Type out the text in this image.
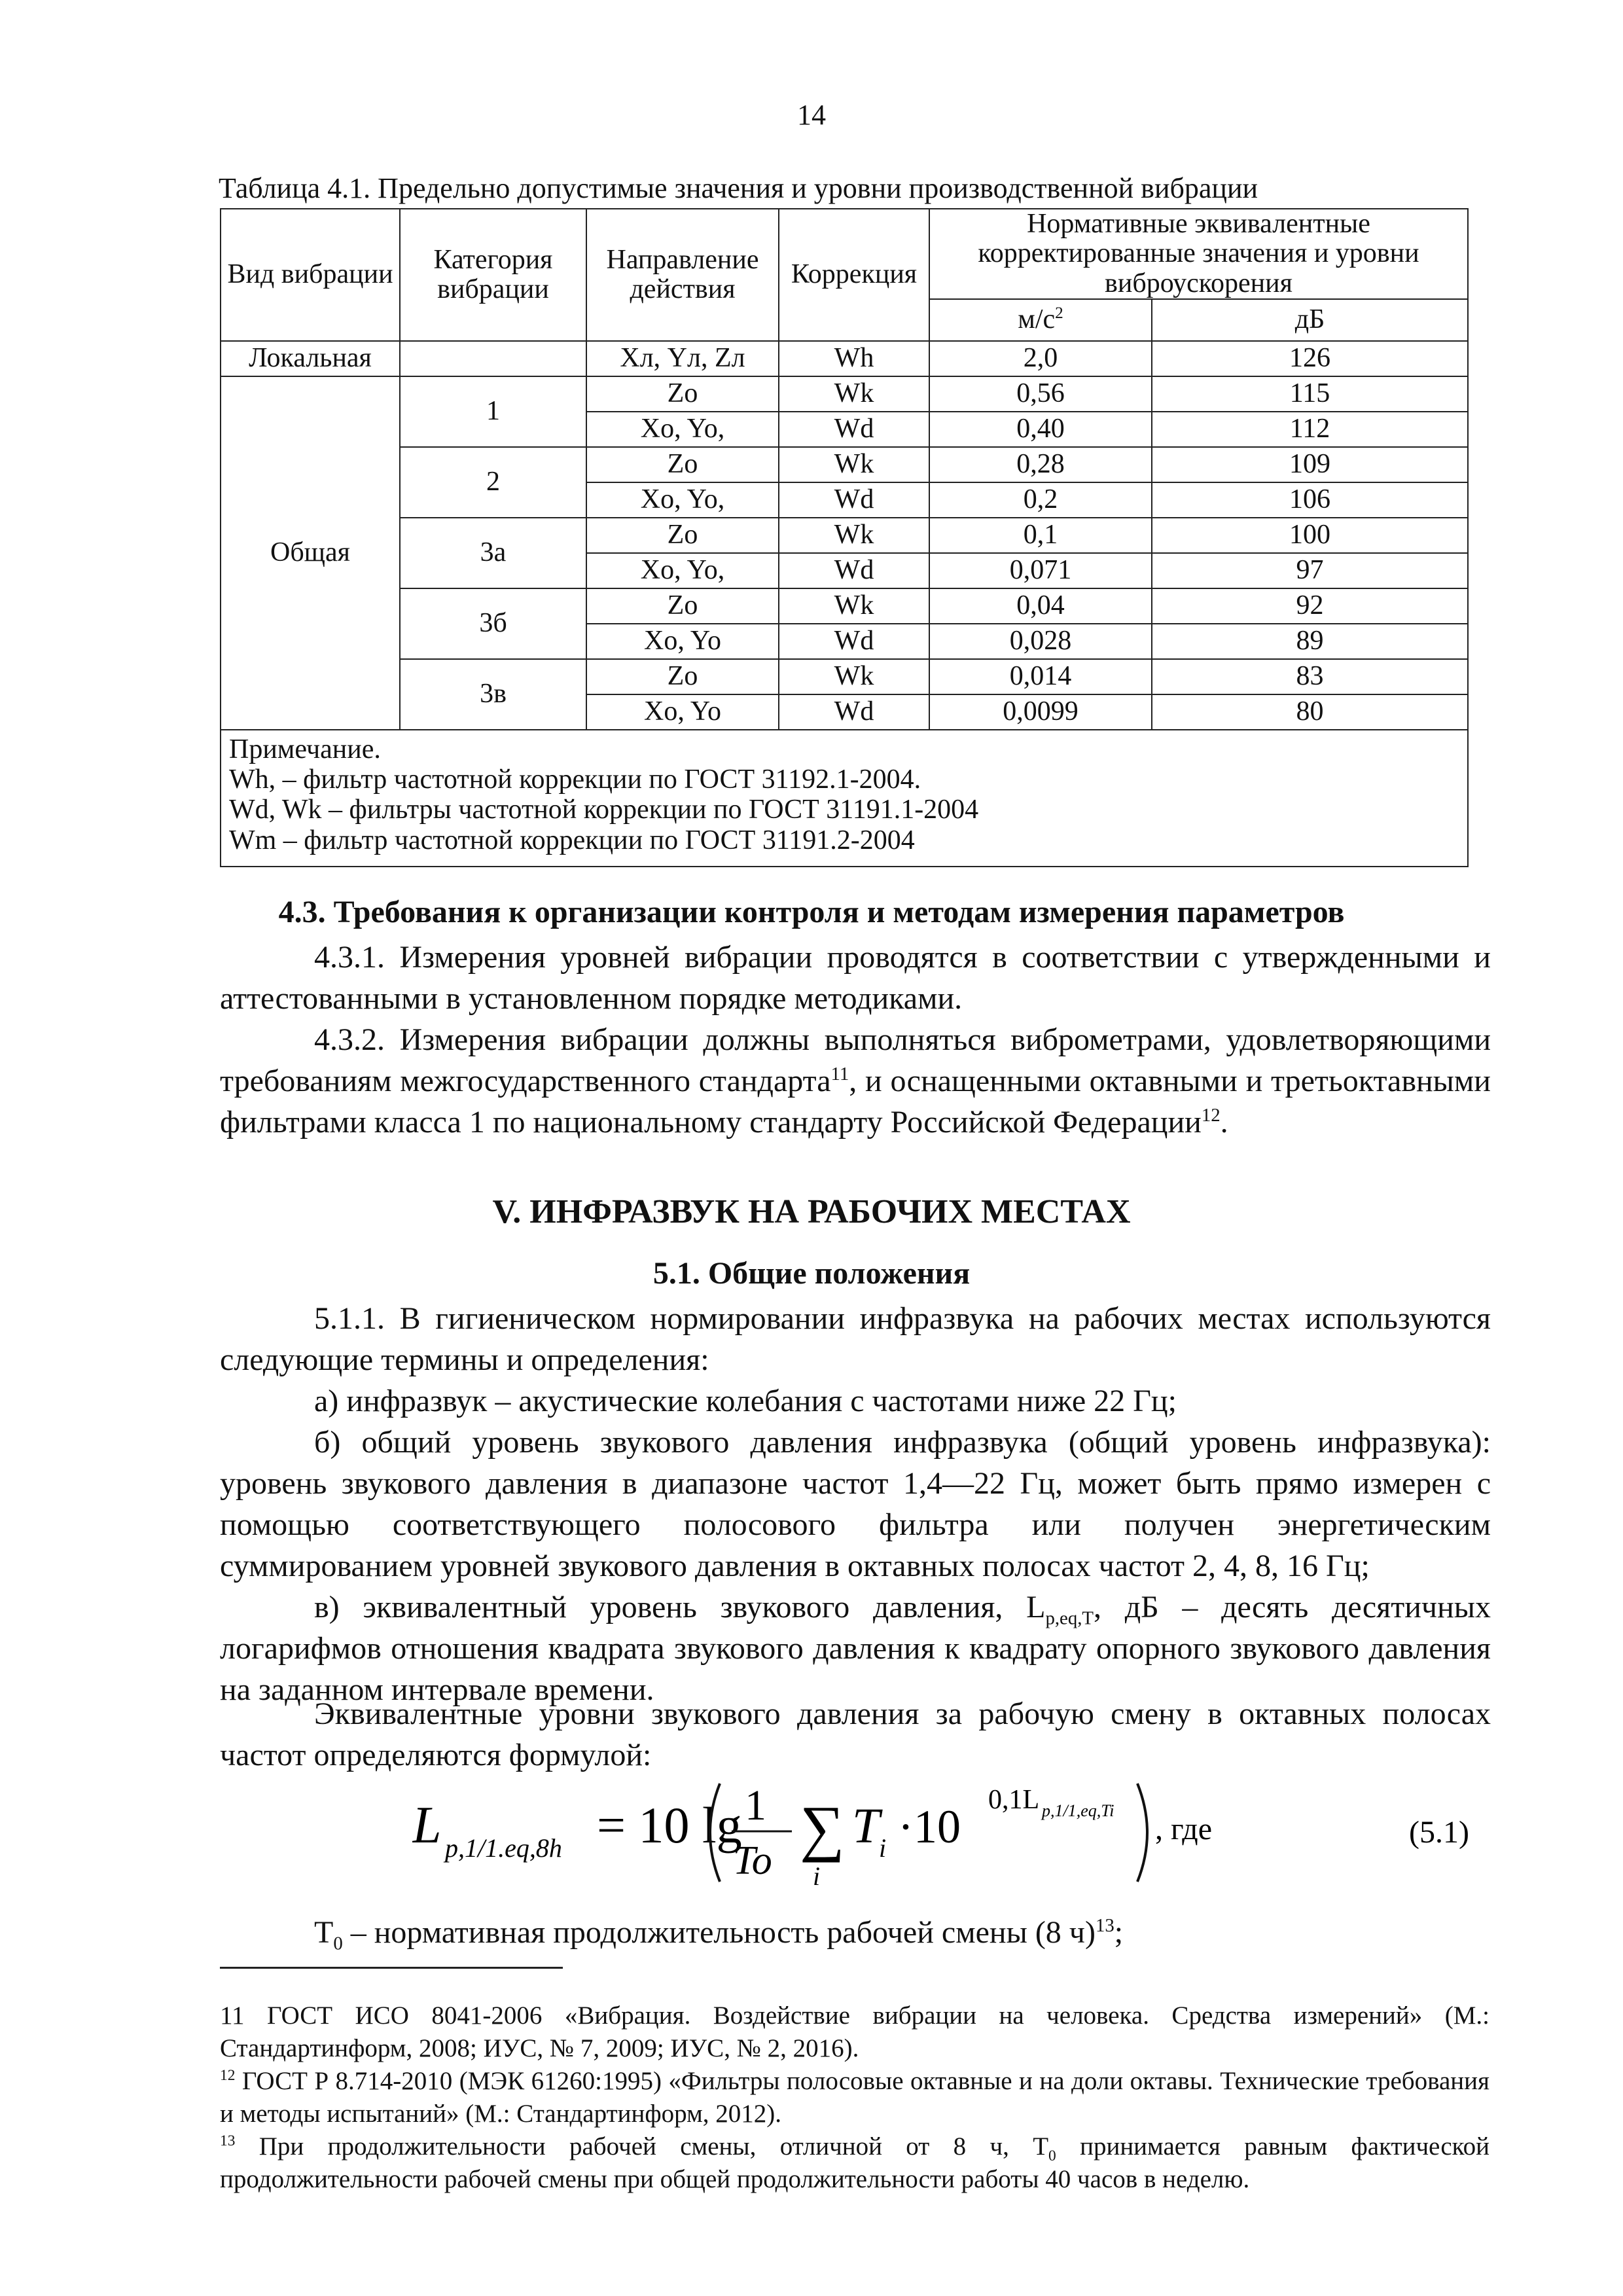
14
Таблица 4.1. Предельно допустимые значения и уровни производственной вибрации
Вид вибрации	Категория вибрации	Направление действия	Коррекция	Нормативные эквивалентные корректированные значения и уровни виброускорения	
				$м/с^2$	дБ
Локальная		Хл, Yл, Zл	Wh	2,0	126
Общая	1	Zo	Wk	0,56	115
		Xo, Yo,	Wd	0,40	112
	2	Zo	Wk	0,28	109
		Xo, Yo,	Wd	0,2	106
	3а	Zo	Wk	0,1	100
		Xo, Yo,	Wd	0,071	97
	3б	Zo	Wk	0,04	92
		Xo, Yo	Wd	0,028	89
	3в	Zo	Wk	0,014	83
		Xo, Yo	Wd	0,0099	80

Примечание.
Wh, – фильтр частотной коррекции по ГОСТ 31192.1-2004.
Wd, Wk – фильтры частотной коррекции по ГОСТ 31191.1-2004
Wm – фильтр частотной коррекции по ГОСТ 31191.2-2004					
4.3. Требования к организации контроля и методам измерения параметров
4.3.1. Измерения уровней вибрации проводятся в соответствии с утвержденными и аттестованными в установленном порядке методиками.
4.3.2. Измерения вибрации должны выполняться виброметрами, удовлетворяющими требованиям межгосударственного стандарта$^{11}$, и оснащенными октавными и третьоктавными фильтрами класса 1 по национальному стандарту Российской Федерации$^{12}$.
V. ИНФРАЗВУК НА РАБОЧИХ МЕСТАХ
5.1. Общие положения
5.1.1. В гигиеническом нормировании инфразвука на рабочих местах используются следующие термины и определения:
а) инфразвук – акустические колебания с частотами ниже 22 Гц;
б) общий уровень звукового давления инфразвука (общий уровень инфразвука): уровень звукового давления в диапазоне частот 1,4—22 Гц, может быть прямо измерен с помощью соответствующего полосового фильтра или получен энергетическим суммированием уровней звукового давления в октавных полосах частот 2, 4, 8, 16 Гц;
в) эквивалентный уровень звукового давления, $L_{p,eq,T}$, дБ – десять десятичных логарифмов отношения квадрата звукового давления к квадрату опорного звукового давления на заданном интервале времени.
Эквивалентные уровни звукового давления за рабочую смену в октавных полосах частот определяются формулой:
L p,1/1.eq,8h = 10 lg 1
To ∑
i
T
i ·10
0,1L p,1/1,eq,Ti
, где	(5.1)
$T_0$ – нормативная продолжительность рабочей смены (8 ч)$^{13}$;
11 ГОСТ ИСО 8041-2006 «Вибрация. Воздействие вибрации на человека. Средства измерений» (М.: Стандартинформ, 2008; ИУС, № 7, 2009; ИУС, № 2, 2016).
$^{12}$ ГОСТ Р 8.714-2010 (МЭК 61260:1995) «Фильтры полосовые октавные и на доли октавы. Технические требования и методы испытаний» (М.: Стандартинформ, 2012).
$^{13}$ При продолжительности рабочей смены, отличной от 8 ч, $T_0$ принимается равным фактической продолжительности рабочей смены при общей продолжительности работы 40 часов в неделю.
